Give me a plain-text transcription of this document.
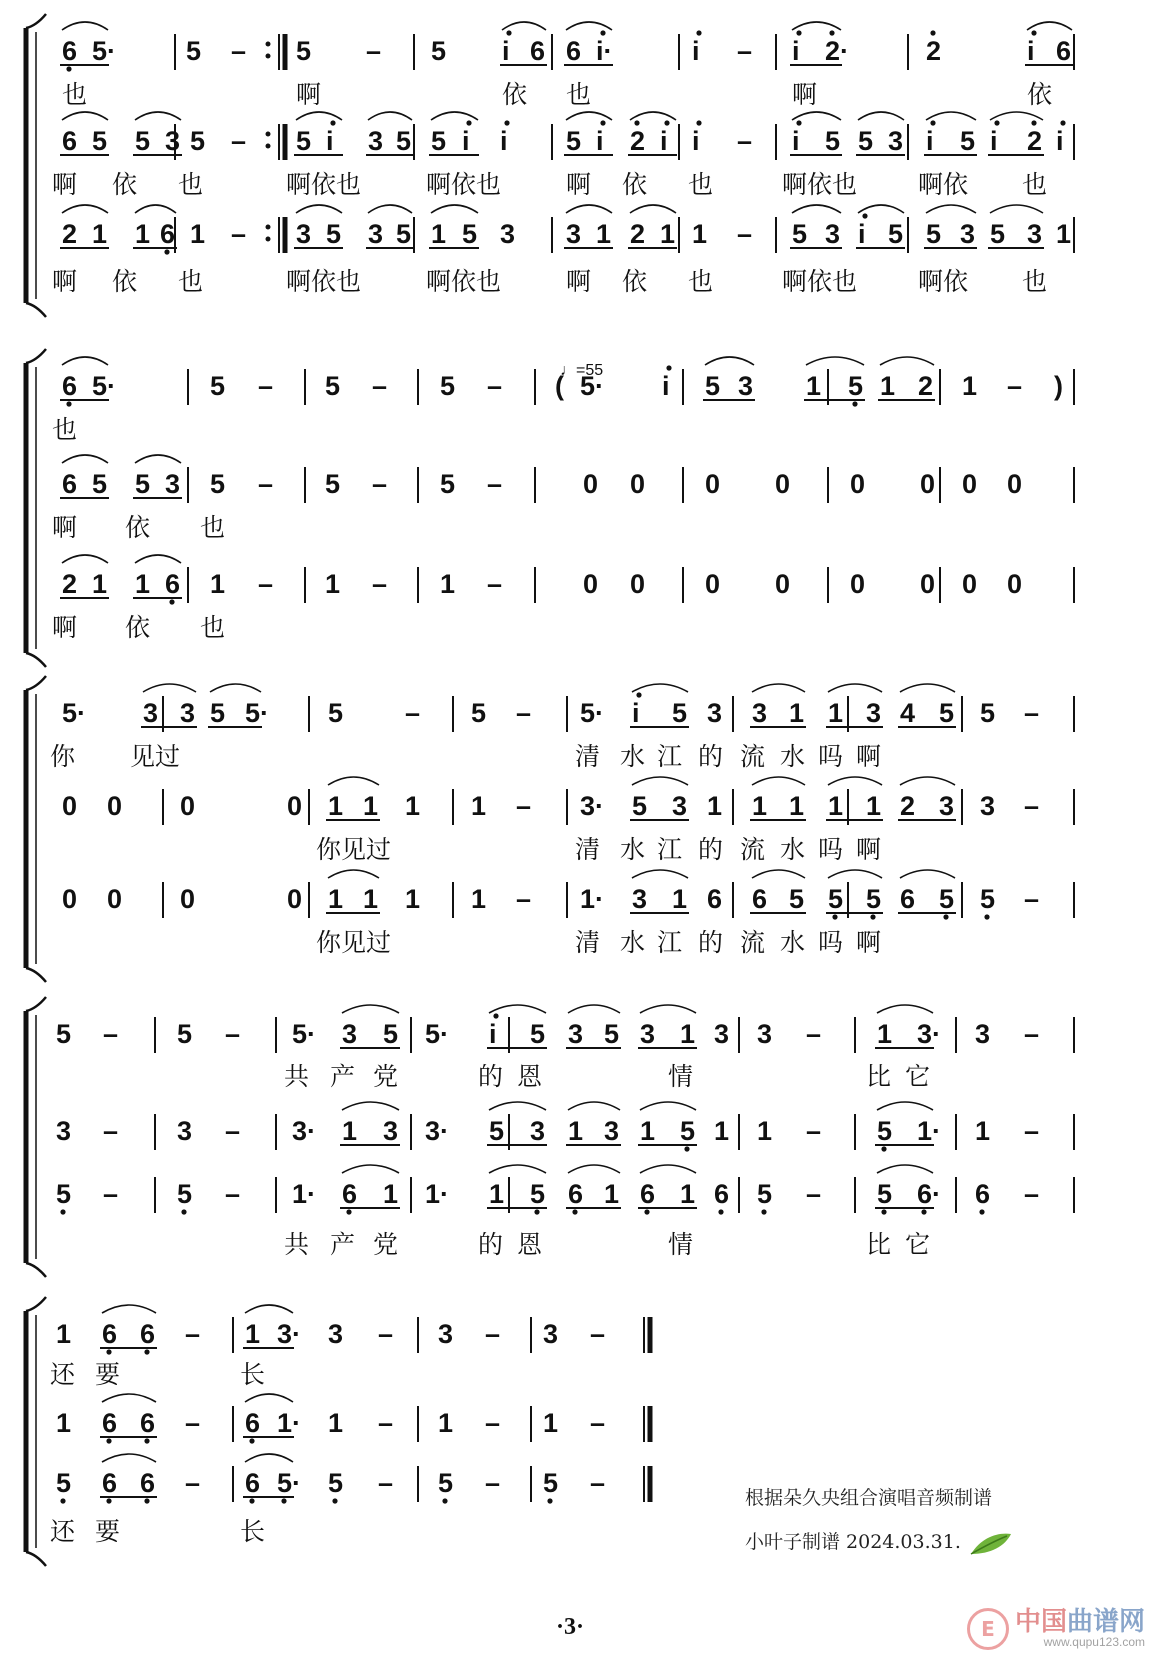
6 5·	5 – 5 – 5 i 6 6 i·	i – i 2·	2	i 6
也	啊	依 也	啊	依
6 5 5 3 5 – 5 i 3 5 5 i i 5 i 2 i i – i 5 5 3 i 5 i 2 i
啊 依 也	啊依也	啊依也	啊 依 也	啊依也 啊依 也
2 1 1 6 1 – 3 5 3 5 1 5 3 3 1 2 1 1 – 5 3 i 5 5 3 5 3 1
啊 依 也	啊依也	啊依也	啊 依 也	啊依也 啊依 也
6 5·	5 – 5 – 5 – ( 5· i 5 3 1 5 1 2 1 – )
也
6 5 5 3 5 – 5 – 5 –	0 0 0 0 0 0 0 0
啊 依 也
2 1 1 6 1 – 1 – 1 –	0 0 0 0 0 0 0 0
啊 依 也
5· 3 3 5 5· 5 – 5 – 5· i 5 3 3 1 1 3 4 5 5 –
你 见过	清 水 江 的 流 水 吗 啊
0 0 0	0 1 1 1 1 – 3· 5 3 1 1 1 1 1 2 3 3 –
你见过	清 水 江 的 流 水 吗 啊
0 0 0	0 1 1 1 1 – 1· 3 1 6 6 5 5 5 6 5 5 –
你见过	清 水 江 的 流 水 吗 啊
5 – 5 – 5· 3 5 5· i 5 3 5 3 1 3 3 – 1 3· 3 –
共 产 党	的 恩	情	比 它
3 – 3 – 3· 1 3 3· 5 3 1 3 1 5 1 1 – 5 1· 1 –
5 – 5 – 1· 6 1 1· 1 5 6 1 6 1 6 5 – 5 6· 6 –
共 产 党	的 恩	情	比 它
1 6 6 – 1 3· 3 – 3 – 3 –
还 要	长
1 6 6 – 6 1· 1 – 1 – 1 –
5 6 6 – 6 5· 5 – 5 – 5 –
还 要	长
♩=55
根据朵久央组合演唱音频制谱
小叶子制谱 2024.03.31.
·3·	E 中国曲谱网
www.qupu123.com
